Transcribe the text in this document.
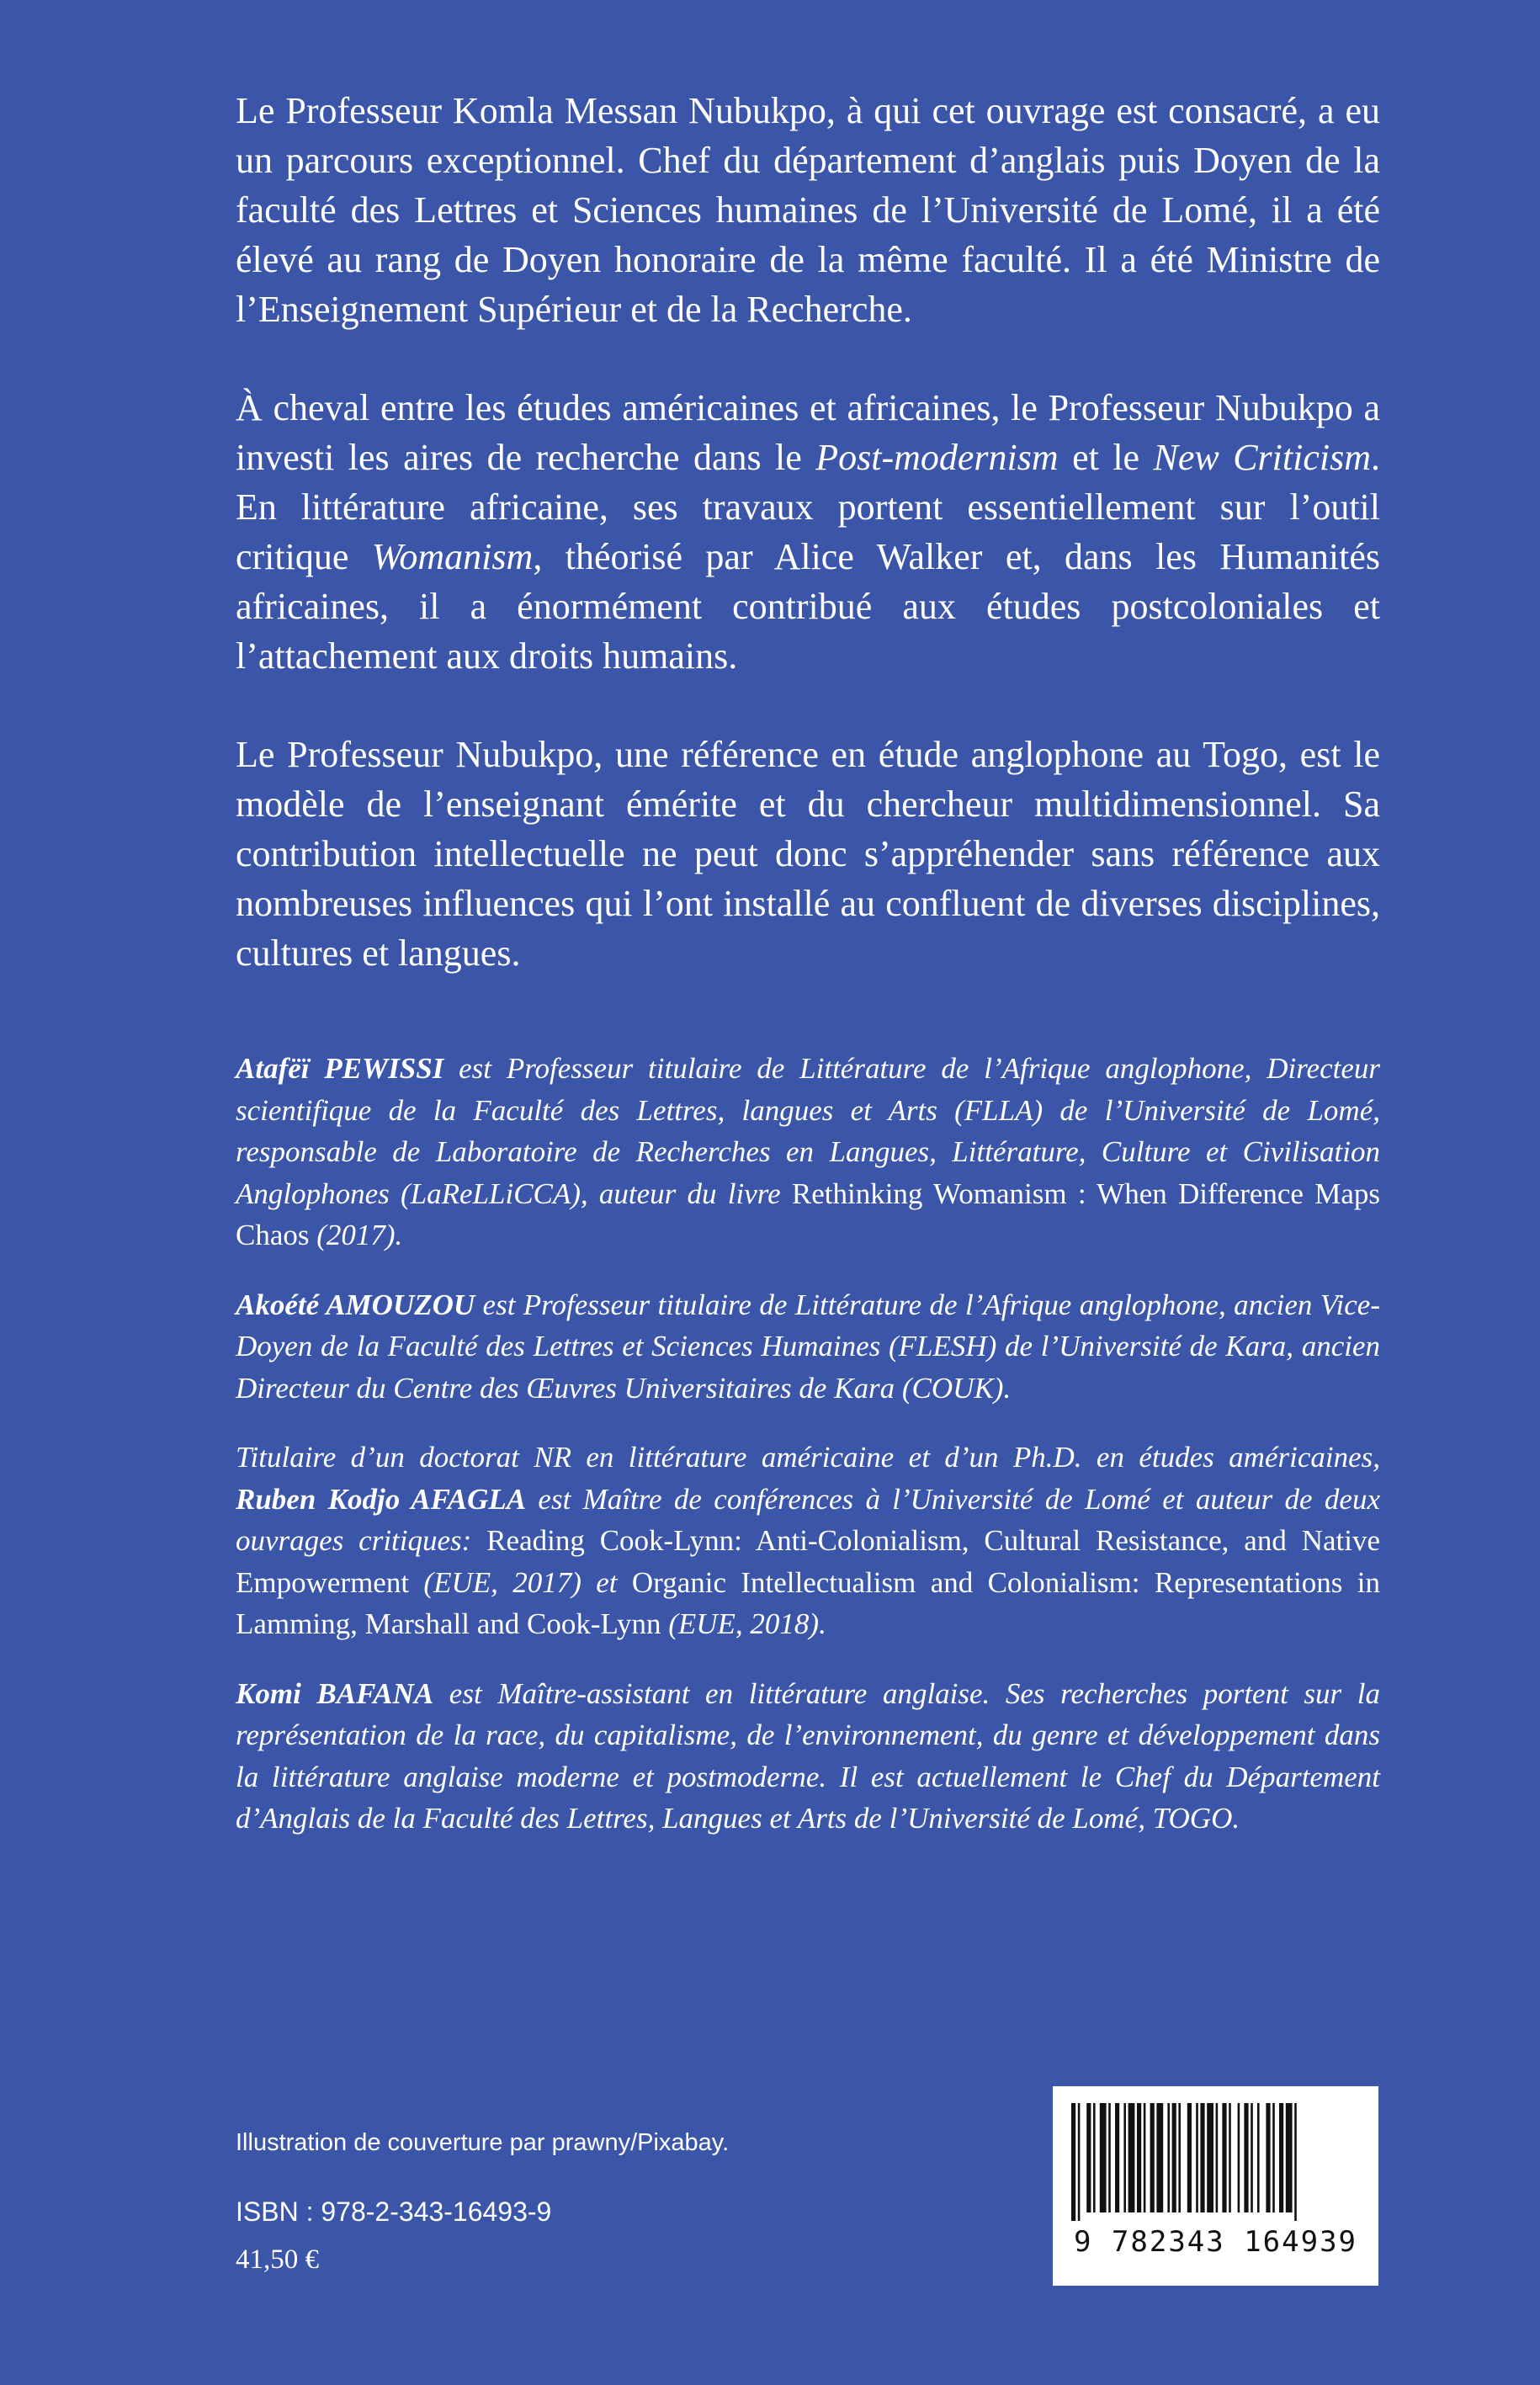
Le Professeur Komla Messan Nubukpo, à qui cet ouvrage est consacré, a eu un parcours exceptionnel. Chef du département d’anglais puis Doyen de la faculté des Lettres et Sciences humaines de l’Université de Lomé, il a été élevé au rang de Doyen honoraire de la même faculté. Il a été Ministre de l’Enseignement Supérieur et de la Recherche.

À cheval entre les études américaines et africaines, le Professeur Nubukpo a investi les aires de recherche dans le Post-modernism et le New Criticism. En littérature africaine, ses travaux portent essentiellement sur l’outil critique Womanism, théorisé par Alice Walker et, dans les Humanités africaines, il a énormément contribué aux études postcoloniales et l’attachement aux droits humains.

Le Professeur Nubukpo, une référence en étude anglophone au Togo, est le modèle de l’enseignant émérite et du chercheur multidimensionnel. Sa contribution intellectuelle ne peut donc s’appréhender sans référence aux nombreuses influences qui l’ont installé au confluent de diverses disciplines, cultures et langues.

Atafëï PEWISSI est Professeur titulaire de Littérature de l’Afrique anglophone, Directeur scientifique de la Faculté des Lettres, langues et Arts (FLLA) de l’Université de Lomé, responsable de Laboratoire de Recherches en Langues, Littérature, Culture et Civilisation Anglophones (LaReLLiCCA), auteur du livre Rethinking Womanism : When Difference Maps Chaos (2017).

Akoété AMOUZOU est Professeur titulaire de Littérature de l’Afrique anglophone, ancien Vice-Doyen de la Faculté des Lettres et Sciences Humaines (FLESH) de l’Université de Kara, ancien Directeur du Centre des Œuvres Universitaires de Kara (COUK).

Titulaire d’un doctorat NR en littérature américaine et d’un Ph.D. en études américaines, Ruben Kodjo AFAGLA est Maître de conférences à l’Université de Lomé et auteur de deux ouvrages critiques: Reading Cook-Lynn: Anti-Colonialism, Cultural Resistance, and Native Empowerment (EUE, 2017) et Organic Intellectualism and Colonialism: Representations in Lamming, Marshall and Cook-Lynn (EUE, 2018).

Komi BAFANA est Maître-assistant en littérature anglaise. Ses recherches portent sur la représentation de la race, du capitalisme, de l’environnement, du genre et développement dans la littérature anglaise moderne et postmoderne. Il est actuellement le Chef du Département d’Anglais de la Faculté des Lettres, Langues et Arts de l’Université de Lomé, TOGO.

Illustration de couverture par prawny/Pixabay.

ISBN : 978-2-343-16493-9

41,50 €

9 782343 164939
